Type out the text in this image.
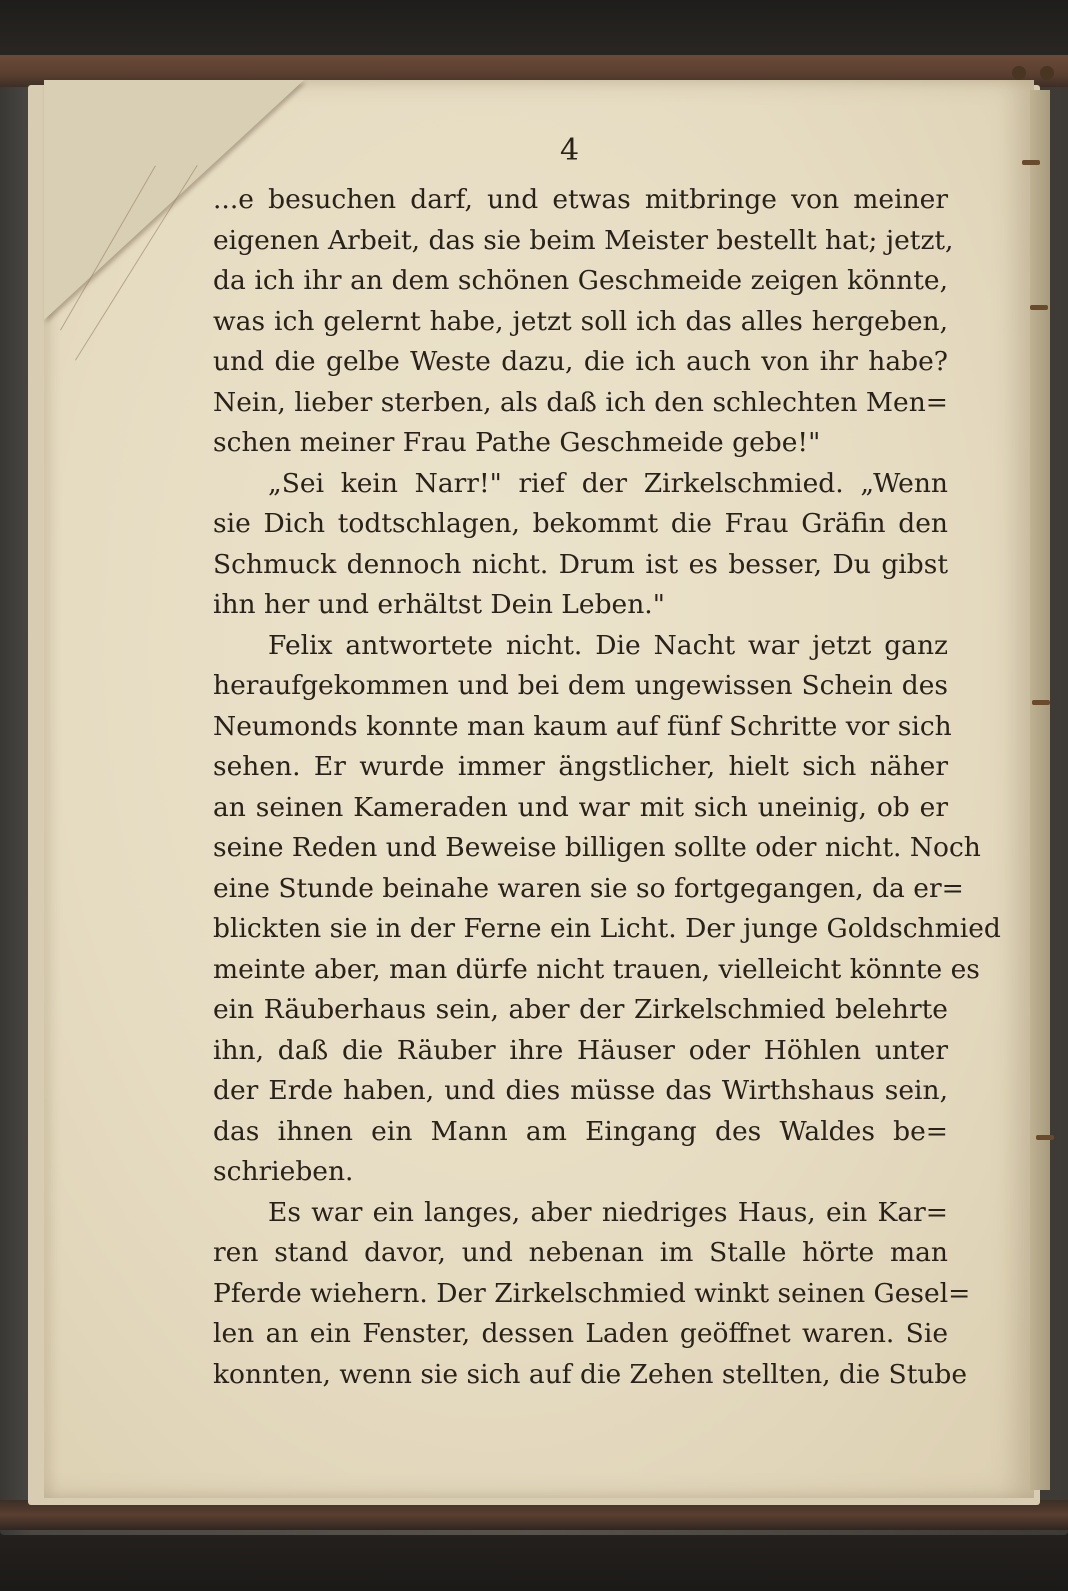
4
...e besuchen darf, und etwas mitbringe von meiner
eigenen Arbeit, das sie beim Meister bestellt hat; jetzt,
da ich ihr an dem schönen Geschmeide zeigen könnte,
was ich gelernt habe, jetzt soll ich das alles hergeben,
und die gelbe Weste dazu, die ich auch von ihr habe?
Nein, lieber sterben, als daß ich den schlechten Men=
schen meiner Frau Pathe Geschmeide gebe!"
„Sei kein Narr!" rief der Zirkelschmied. „Wenn
sie Dich todtschlagen, bekommt die Frau Gräfin den
Schmuck dennoch nicht. Drum ist es besser, Du gibst
ihn her und erhältst Dein Leben."
Felix antwortete nicht. Die Nacht war jetzt ganz
heraufgekommen und bei dem ungewissen Schein des
Neumonds konnte man kaum auf fünf Schritte vor sich
sehen. Er wurde immer ängstlicher, hielt sich näher
an seinen Kameraden und war mit sich uneinig, ob er
seine Reden und Beweise billigen sollte oder nicht. Noch
eine Stunde beinahe waren sie so fortgegangen, da er=
blickten sie in der Ferne ein Licht. Der junge Goldschmied
meinte aber, man dürfe nicht trauen, vielleicht könnte es
ein Räuberhaus sein, aber der Zirkelschmied belehrte
ihn, daß die Räuber ihre Häuser oder Höhlen unter
der Erde haben, und dies müsse das Wirthshaus sein,
das ihnen ein Mann am Eingang des Waldes be=
schrieben.
Es war ein langes, aber niedriges Haus, ein Kar=
ren stand davor, und nebenan im Stalle hörte man
Pferde wiehern. Der Zirkelschmied winkt seinen Gesel=
len an ein Fenster, dessen Laden geöffnet waren. Sie
konnten, wenn sie sich auf die Zehen stellten, die Stube
